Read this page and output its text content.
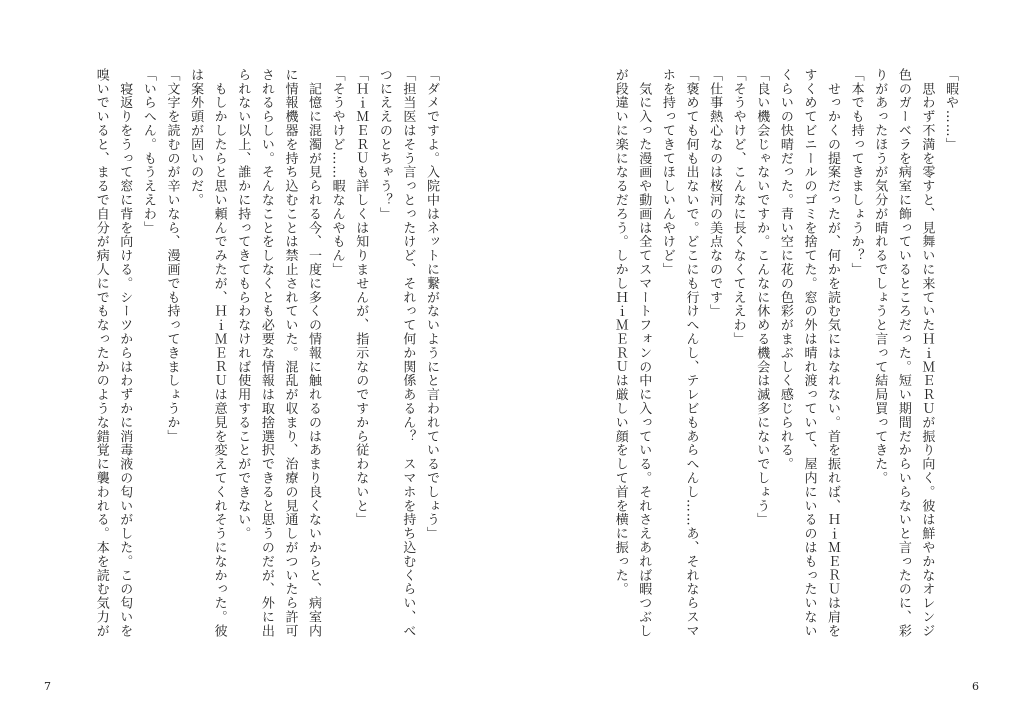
「暇や……」
　思わず不満を零すと、見舞いに来ていたＨｉＭＥＲＵが振り向く。彼は鮮やかなオレンジ
色のガーベラを病室に飾っているところだった。短い期間だからいらないと言ったのに、彩
りがあったほうが気分が晴れるでしょうと言って結局買ってきた。
「本でも持ってきましょうか？」
　せっかくの提案だったが、何かを読む気にはなれない。首を振れば、ＨｉＭＥＲＵは肩を
すくめてビニールのゴミを捨てた。窓の外は晴れ渡っていて、屋内にいるのはもったいない
くらいの快晴だった。青い空に花の色彩がまぶしく感じられる。
「良い機会じゃないですか。こんなに休める機会は滅多にないでしょう」
「そうやけど、こんなに長くなくてええわ」
「仕事熱心なのは桜河の美点なのです」
「褒めても何も出ないで。どこにも行けへんし、テレビもあらへんし……あ、それならスマ
ホを持ってきてほしいんやけど」
　気に入った漫画や動画は全てスマートフォンの中に入っている。それさえあれば暇つぶし
が段違いに楽になるだろう。しかしＨｉＭＥＲＵは厳しい顔をして首を横に振った。
6
「ダメですよ。入院中はネットに繋がないようにと言われているでしょう」
「担当医はそう言っとったけど、それって何か関係あるん？　スマホを持ち込むくらい、べ
つにええのとちゃう？」
「ＨｉＭＥＲＵも詳しくは知りませんが、指示なのですから従わないと」
「そうやけど……暇なんやもん」
　記憶に混濁が見られる今、一度に多くの情報に触れるのはあまり良くないからと、病室内
に情報機器を持ち込むことは禁止されていた。混乱が収まり、治療の見通しがついたら許可
されるらしい。そんなことをしなくとも必要な情報は取捨選択できると思うのだが、外に出
られない以上、誰かに持ってきてもらわなければ使用することができない。
　もしかしたらと思い頼んでみたが、ＨｉＭＥＲＵは意見を変えてくれそうになかった。彼
は案外頭が固いのだ。
「文字を読むのが辛いなら、漫画でも持ってきましょうか」
「いらへん。もうええわ」
　寝返りをうって窓に背を向ける。シーツからはわずかに消毒液の匂いがした。この匂いを
嗅いでいると、まるで自分が病人にでもなったかのような錯覚に襲われる。本を読む気力が
7
